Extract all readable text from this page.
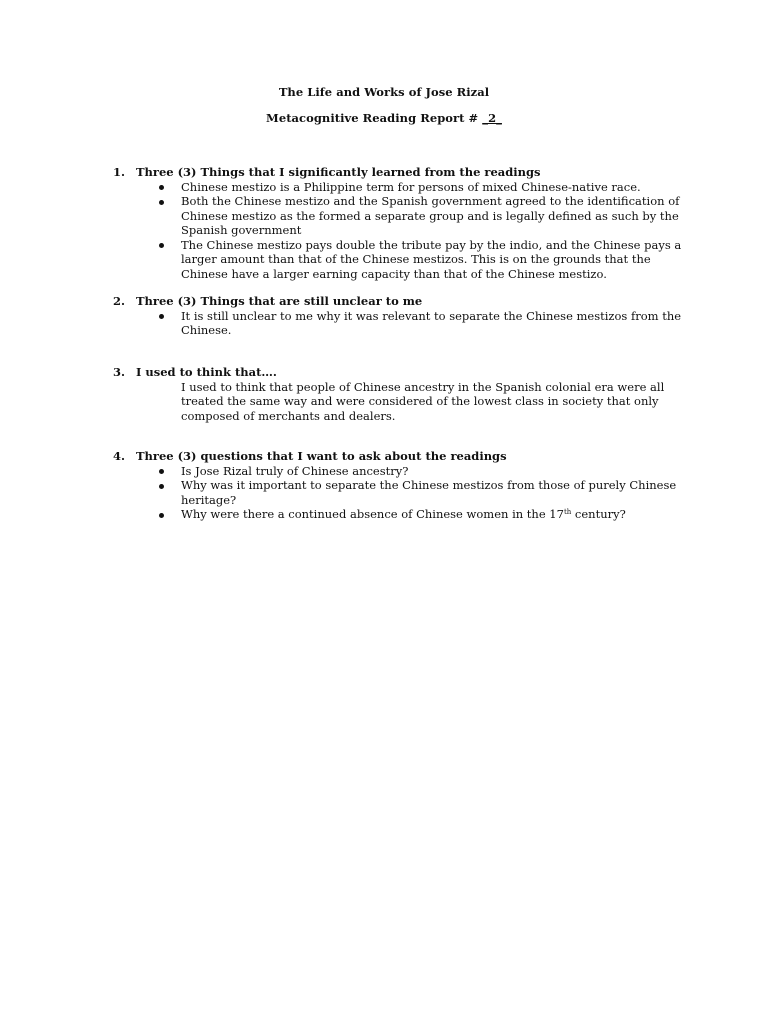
The Life and Works of Jose Rizal
Metacognitive Reading Report # _2_
1. Three (3) Things that I significantly learned from the readings
Chinese mestizo is a Philippine term for persons of mixed Chinese-native race.
Both the Chinese mestizo and the Spanish government agreed to the identification of Chinese mestizo as the formed a separate group and is legally defined as such by the Spanish government
The Chinese mestizo pays double the tribute pay by the indio, and the Chinese pays a larger amount than that of the Chinese mestizos. This is on the grounds that the Chinese have a larger earning capacity than that of the Chinese mestizo.
2. Three (3) Things that are still unclear to me
It is still unclear to me why it was relevant to separate the Chinese mestizos from the Chinese.
3. I used to think that….
I used to think that people of Chinese ancestry in the Spanish colonial era were all treated the same way and were considered of the lowest class in society that only composed of merchants and dealers.
4. Three (3) questions that I want to ask about the readings
Is Jose Rizal truly of Chinese ancestry?
Why was it important to separate the Chinese mestizos from those of purely Chinese heritage?
Why were there a continued absence of Chinese women in the 17th century?
